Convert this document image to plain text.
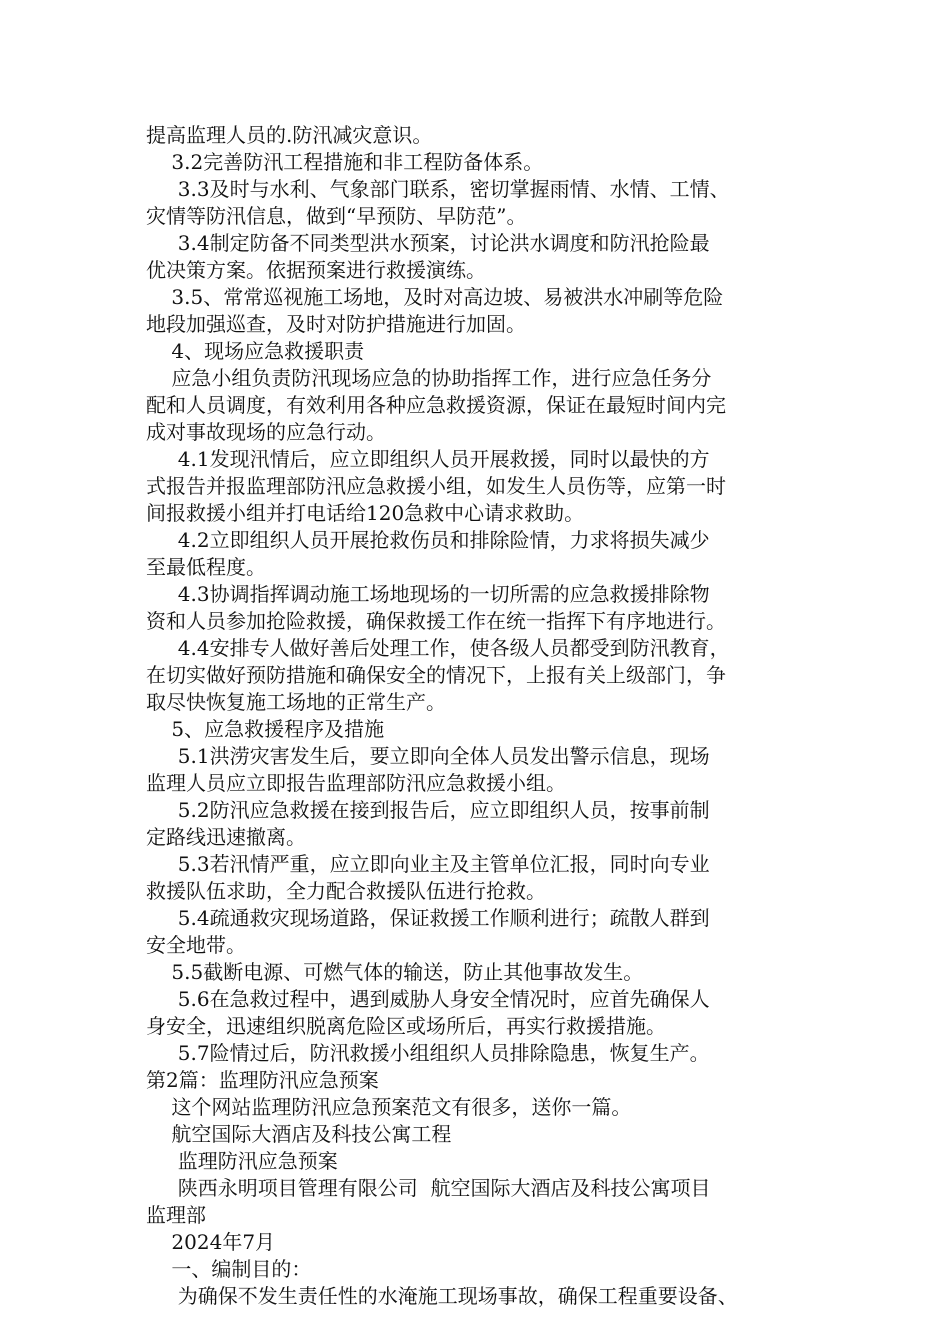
提高监理人员的.防汛减灾意识。
3.2完善防汛工程措施和非工程防备体系。
3.3及时与水利、气象部门联系，密切掌握雨情、水情、工情、
灾情等防汛信息，做到“早预防、早防范”。
3.4制定防备不同类型洪水预案，讨论洪水调度和防汛抢险最
优决策方案。依据预案进行救援演练。
3.5、常常巡视施工场地，及时对高边坡、易被洪水冲刷等危险
地段加强巡查，及时对防护措施进行加固。
4、现场应急救援职责
应急小组负责防汛现场应急的协助指挥工作，进行应急任务分
配和人员调度，有效利用各种应急救援资源，保证在最短时间内完
成对事故现场的应急行动。
4.1发现汛情后，应立即组织人员开展救援，同时以最快的方
式报告并报监理部防汛应急救援小组，如发生人员伤等，应第一时
间报救援小组并打电话给120急救中心请求救助。
4.2立即组织人员开展抢救伤员和排除险情，力求将损失减少
至最低程度。
4.3协调指挥调动施工场地现场的一切所需的应急救援排除物
资和人员参加抢险救援，确保救援工作在统一指挥下有序地进行。
4.4安排专人做好善后处理工作，使各级人员都受到防汛教育，
在切实做好预防措施和确保安全的情况下，上报有关上级部门，争
取尽快恢复施工场地的正常生产。
5、应急救援程序及措施
5.1洪涝灾害发生后，要立即向全体人员发出警示信息，现场
监理人员应立即报告监理部防汛应急救援小组。
5.2防汛应急救援在接到报告后，应立即组织人员，按事前制
定路线迅速撤离。
5.3若汛情严重，应立即向业主及主管单位汇报，同时向专业
救援队伍求助，全力配合救援队伍进行抢救。
5.4疏通救灾现场道路，保证救援工作顺利进行；疏散人群到
安全地带。
5.5截断电源、可燃气体的输送，防止其他事故发生。
5.6在急救过程中，遇到威胁人身安全情况时，应首先确保人
身安全，迅速组织脱离危险区或场所后，再实行救援措施。
5.7险情过后，防汛救援小组组织人员排除隐患，恢复生产。
第2篇：监理防汛应急预案
这个网站监理防汛应急预案范文有很多，送你一篇。
航空国际大酒店及科技公寓工程
监理防汛应急预案
陕西永明项目管理有限公司  航空国际大酒店及科技公寓项目
监理部
2024年7月
一、编制目的：
为确保不发生责任性的水淹施工现场事故，确保工程重要设备、
